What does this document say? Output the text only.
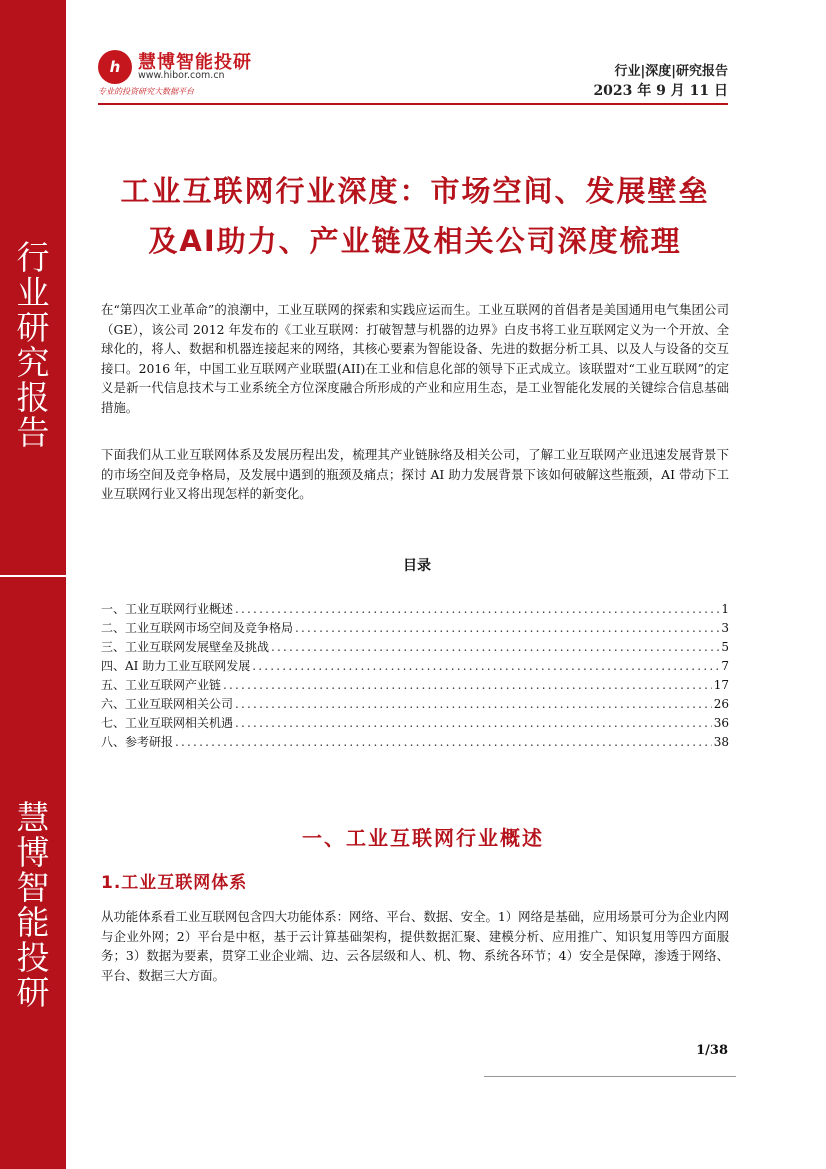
行
业
研
究
报
告
慧
博
智
能
投
研
h 慧博智能投研
www.hibor.com.cn
专业的投资研究大数据平台
行业|深度|研究报告
2023 年 9 月 11 日
工业互联网行业深度：市场空间、发展壁垒
及AI助力、产业链及相关公司深度梳理
在“第四次工业革命”的浪潮中，工业互联网的探索和实践应运而生。工业互联网的首倡者是美国通用电气集团公司（GE），该公司 2012 年发布的《工业互联网：打破智慧与机器的边界》白皮书将工业互联网定义为一个开放、全球化的，将人、数据和机器连接起来的网络，其核心要素为智能设备、先进的数据分析工具、以及人与设备的交互接口。2016 年，中国工业互联网产业联盟(AII)在工业和信息化部的领导下正式成立。该联盟对“工业互联网”的定义是新一代信息技术与工业系统全方位深度融合所形成的产业和应用生态，是工业智能化发展的关键综合信息基础措施。
下面我们从工业互联网体系及发展历程出发，梳理其产业链脉络及相关公司，了解工业互联网产业迅速发展背景下的市场空间及竞争格局，及发展中遇到的瓶颈及痛点；探讨 AI 助力发展背景下该如何破解这些瓶颈，AI 带动下工业互联网行业又将出现怎样的新变化。
目录
一、工业互联网行业概述 .....	1
二、工业互联网市场空间及竞争格局 .....	3
三、工业互联网发展壁垒及挑战 .....	5
四、AI 助力工业互联网发展 .....	7
五、工业互联网产业链 .....	17
六、工业互联网相关公司 .....	26
七、工业互联网相关机遇 .....	36
八、参考研报 .....	38
一、工业互联网行业概述
1.工业互联网体系
从功能体系看工业互联网包含四大功能体系：网络、平台、数据、安全。1）网络是基础，应用场景可分为企业内网与企业外网；2）平台是中枢，基于云计算基础架构，提供数据汇聚、建模分析、应用推广、知识复用等四方面服务；3）数据为要素，贯穿工业企业端、边、云各层级和人、机、物、系统各环节；4）安全是保障，渗透于网络、平台、数据三大方面。
1/38
